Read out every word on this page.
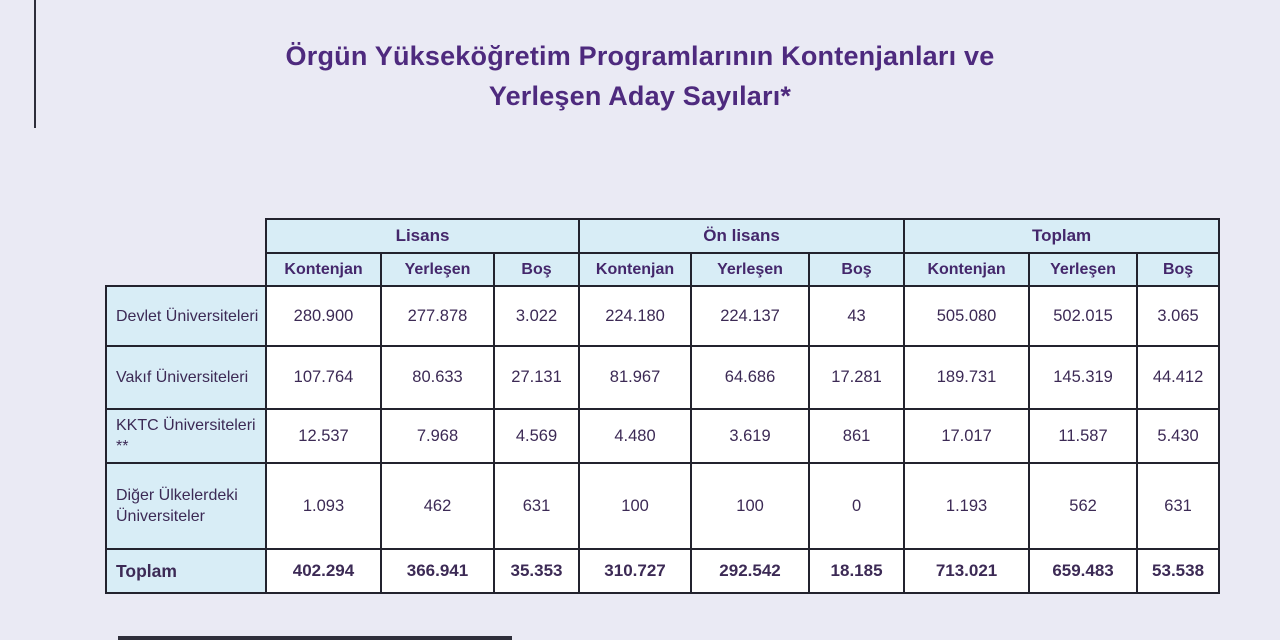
Örgün Yükseköğretim Programlarının Kontenjanları ve
Yerleşen Aday Sayıları*
	Lisans			Ön lisans			Toplam		
	Kontenjan	Yerleşen	Boş	Kontenjan	Yerleşen	Boş	Kontenjan	Yerleşen	Boş
Devlet Üniversiteleri	280.900	277.878	3.022	224.180	224.137	43	505.080	502.015	3.065
Vakıf Üniversiteleri	107.764	80.633	27.131	81.967	64.686	17.281	189.731	145.319	44.412
KKTC Üniversiteleri **	12.537	7.968	4.569	4.480	3.619	861	17.017	11.587	5.430
Diğer Ülkelerdeki Üniversiteler	1.093	462	631	100	100	0	1.193	562	631
Toplam	402.294	366.941	35.353	310.727	292.542	18.185	713.021	659.483	53.538
